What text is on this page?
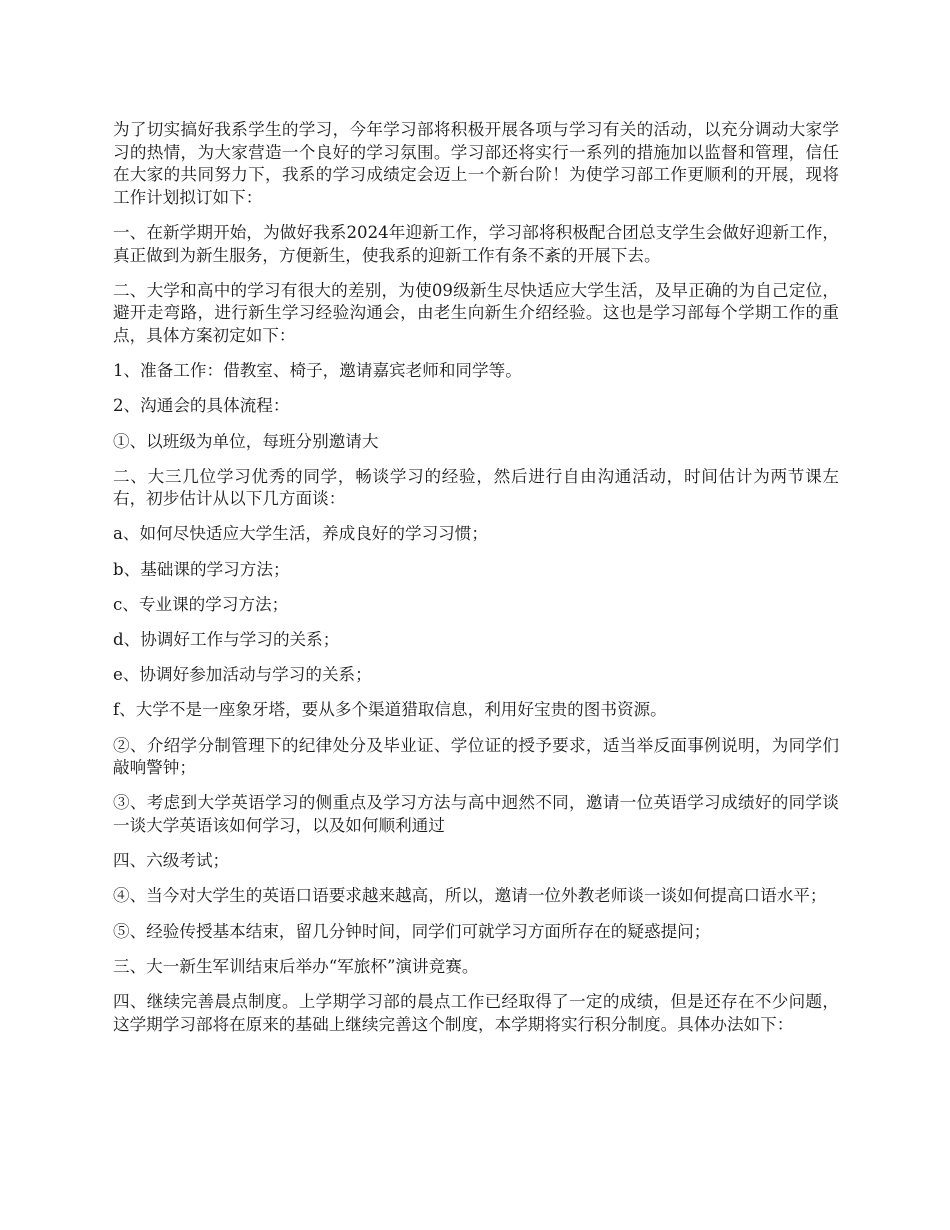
为了切实搞好我系学生的学习，今年学习部将积极开展各项与学习有关的活动，以充分调动大家学习的热情，为大家营造一个良好的学习氛围。学习部还将实行一系列的措施加以监督和管理，信任在大家的共同努力下，我系的学习成绩定会迈上一个新台阶！为使学习部工作更顺利的开展，现将工作计划拟订如下：

一、在新学期开始，为做好我系2024年迎新工作，学习部将积极配合团总支学生会做好迎新工作，真正做到为新生服务，方便新生，使我系的迎新工作有条不紊的开展下去。

二、大学和高中的学习有很大的差别，为使09级新生尽快适应大学生活，及早正确的为自己定位，避开走弯路，进行新生学习经验沟通会，由老生向新生介绍经验。这也是学习部每个学期工作的重点，具体方案初定如下：

1、准备工作：借教室、椅子，邀请嘉宾老师和同学等。

2、沟通会的具体流程：

①、以班级为单位，每班分别邀请大

二、大三几位学习优秀的同学，畅谈学习的经验，然后进行自由沟通活动，时间估计为两节课左右，初步估计从以下几方面谈：

a、如何尽快适应大学生活，养成良好的学习习惯；

b、基础课的学习方法；

c、专业课的学习方法；

d、协调好工作与学习的关系；

e、协调好参加活动与学习的关系；

f、大学不是一座象牙塔，要从多个渠道猎取信息，利用好宝贵的图书资源。

②、介绍学分制管理下的纪律处分及毕业证、学位证的授予要求，适当举反面事例说明，为同学们敲响警钟；

③、考虑到大学英语学习的侧重点及学习方法与高中迥然不同，邀请一位英语学习成绩好的同学谈一谈大学英语该如何学习，以及如何顺利通过

四、六级考试；

④、当今对大学生的英语口语要求越来越高，所以，邀请一位外教老师谈一谈如何提高口语水平；

⑤、经验传授基本结束，留几分钟时间，同学们可就学习方面所存在的疑惑提问；

三、大一新生军训结束后举办“军旅杯”演讲竞赛。

四、继续完善晨点制度。上学期学习部的晨点工作已经取得了一定的成绩，但是还存在不少问题，这学期学习部将在原来的基础上继续完善这个制度，本学期将实行积分制度。具体办法如下：
